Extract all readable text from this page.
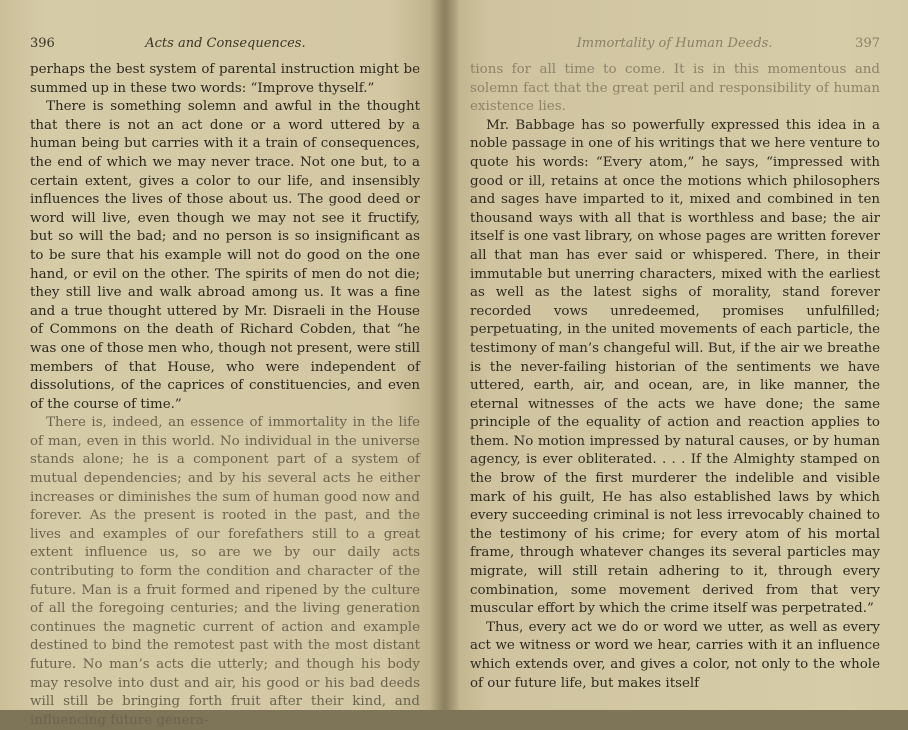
396	Acts and Consequences.

perhaps the best system of parental instruction might be summed up in these two words: “Improve thyself.”

There is something solemn and awful in the thought that there is not an act done or a word uttered by a human being but carries with it a train of consequences, the end of which we may never trace. Not one but, to a certain extent, gives a color to our life, and insensibly influences the lives of those about us. The good deed or word will live, even though we may not see it fructify, but so will the bad; and no person is so insignificant as to be sure that his example will not do good on the one hand, or evil on the other. The spirits of men do not die; they still live and walk abroad among us. It was a fine and a true thought uttered by Mr. Disraeli in the House of Commons on the death of Richard Cobden, that “he was one of those men who, though not present, were still members of that House, who were independent of dissolutions, of the caprices of constituencies, and even of the course of time.”

There is, indeed, an essence of immortality in the life of man, even in this world. No individual in the universe stands alone; he is a component part of a system of mutual dependencies; and by his several acts he either increases or diminishes the sum of human good now and forever. As the present is rooted in the past, and the lives and examples of our forefathers still to a great extent influence us, so are we by our daily acts contributing to form the condition and character of the future. Man is a fruit formed and ripened by the culture of all the foregoing centuries; and the living generation continues the magnetic current of action and example destined to bind the remotest past with the most distant future. No man’s acts die utterly; and though his body may resolve into dust and air, his good or his bad deeds will still be bringing forth fruit after their kind, and influencing future genera-

Immortality of Human Deeds.	397

tions for all time to come. It is in this momentous and solemn fact that the great peril and responsibility of human existence lies.

Mr. Babbage has so powerfully expressed this idea in a noble passage in one of his writings that we here venture to quote his words: “Every atom,” he says, “impressed with good or ill, retains at once the motions which philosophers and sages have imparted to it, mixed and combined in ten thousand ways with all that is worthless and base; the air itself is one vast library, on whose pages are written forever all that man has ever said or whispered. There, in their immutable but unerring characters, mixed with the earliest as well as the latest sighs of morality, stand forever recorded vows unredeemed, promises unfulfilled; perpetuating, in the united movements of each particle, the testimony of man’s changeful will. But, if the air we breathe is the never-failing historian of the sentiments we have uttered, earth, air, and ocean, are, in like manner, the eternal witnesses of the acts we have done; the same principle of the equality of action and reaction applies to them. No motion impressed by natural causes, or by human agency, is ever obliterated. . . . If the Almighty stamped on the brow of the first murderer the indelible and visible mark of his guilt, He has also established laws by which every succeeding criminal is not less irrevocably chained to the testimony of his crime; for every atom of his mortal frame, through whatever changes its several particles may migrate, will still retain adhering to it, through every combination, some movement derived from that very muscular effort by which the crime itself was perpetrated.”

Thus, every act we do or word we utter, as well as every act we witness or word we hear, carries with it an influence which extends over, and gives a color, not only to the whole of our future life, but makes itself
